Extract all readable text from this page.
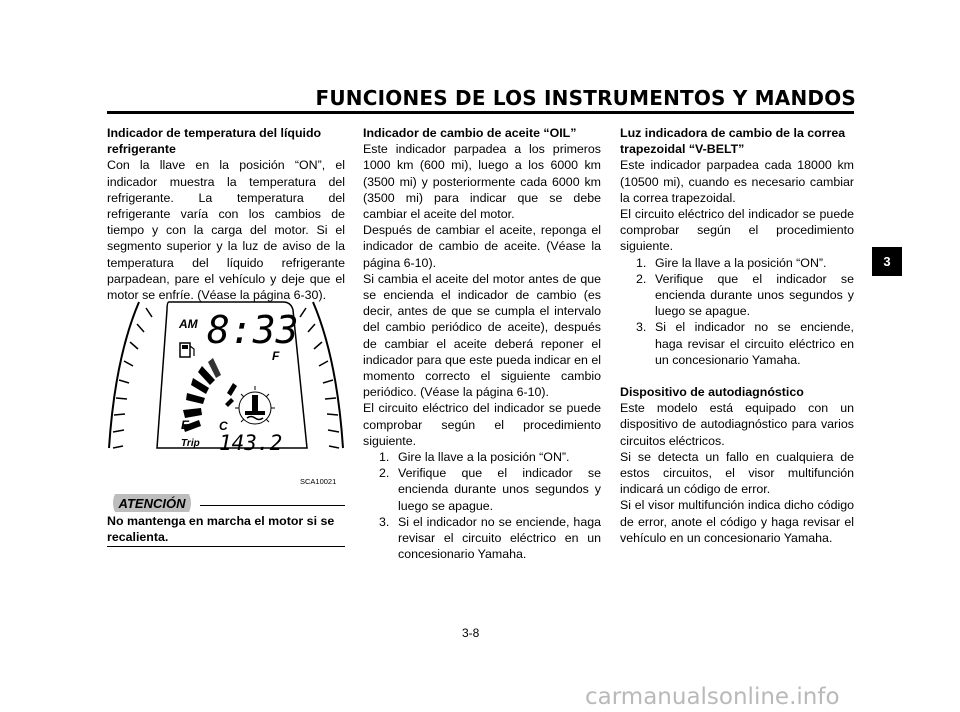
FUNCIONES DE LOS INSTRUMENTOS Y MANDOS
3

Indicador de temperatura del líquido refrigerante

Con la llave en la posición “ON”, el indicador muestra la temperatura del refrigerante. La temperatura del refrigerante varía con los cambios de tiempo y con la carga del motor. Si el segmento superior y la luz de aviso de la temperatura del líquido refrigerante parpadean, pare el vehículo y deje que el motor se enfríe. (Véase la página 6-30).

AM 8:33
F
E C
Trip 143.2
SCA10021
ATENCIÓN
No mantenga en marcha el motor si se recalienta.

Indicador de cambio de aceite “OIL”

Este indicador parpadea a los primeros 1000 km (600 mi), luego a los 6000 km (3500 mi) y posteriormente cada 6000 km (3500 mi) para indicar que se debe cambiar el aceite del motor.

Después de cambiar el aceite, reponga el indicador de cambio de aceite. (Véase la página 6-10).

Si cambia el aceite del motor antes de que se encienda el indicador de cambio (es decir, antes de que se cumpla el intervalo del cambio periódico de aceite), después de cambiar el aceite deberá reponer el indicador para que este pueda indicar en el momento correcto el siguiente cambio periódico. (Véase la página 6-10).

El circuito eléctrico del indicador se puede comprobar según el procedimiento siguiente.

1. Gire la llave a la posición “ON”.
2. Verifique que el indicador se encienda durante unos segundos y luego se apague.
3. Si el indicador no se enciende, haga revisar el circuito eléctrico en un concesionario Yamaha.

Luz indicadora de cambio de la correa trapezoidal “V-BELT”

Este indicador parpadea cada 18000 km (10500 mi), cuando es necesario cambiar la correa trapezoidal.

El circuito eléctrico del indicador se puede comprobar según el procedimiento siguiente.

1. Gire la llave a la posición “ON”.
2. Verifique que el indicador se encienda durante unos segundos y luego se apague.
3. Si el indicador no se enciende, haga revisar el circuito eléctrico en un concesionario Yamaha.

Dispositivo de autodiagnóstico

Este modelo está equipado con un dispositivo de autodiagnóstico para varios circuitos eléctricos.

Si se detecta un fallo en cualquiera de estos circuitos, el visor multifunción indicará un código de error.

Si el visor multifunción indica dicho código de error, anote el código y haga revisar el vehículo en un concesionario Yamaha.

3-8
carmanualsonline.info
